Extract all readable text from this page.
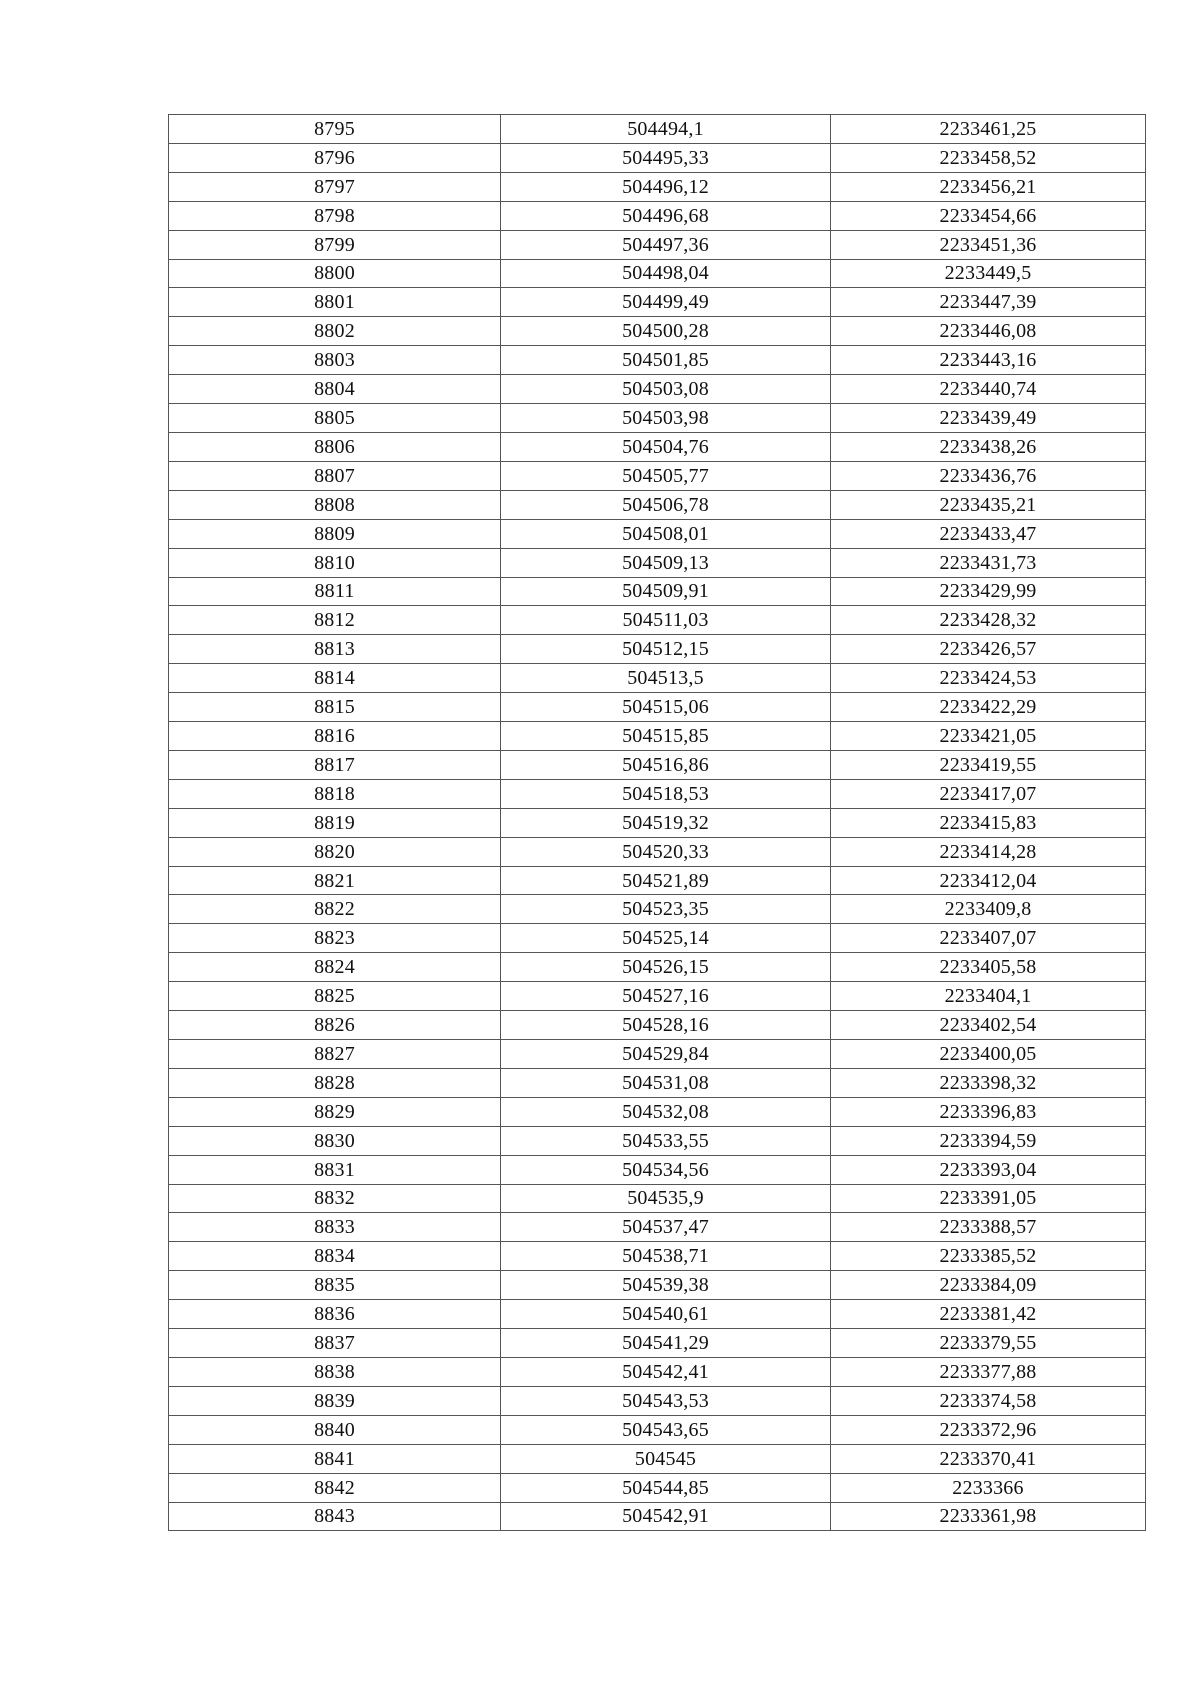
8795	504494,1	2233461,25
8796	504495,33	2233458,52
8797	504496,12	2233456,21
8798	504496,68	2233454,66
8799	504497,36	2233451,36
8800	504498,04	2233449,5
8801	504499,49	2233447,39
8802	504500,28	2233446,08
8803	504501,85	2233443,16
8804	504503,08	2233440,74
8805	504503,98	2233439,49
8806	504504,76	2233438,26
8807	504505,77	2233436,76
8808	504506,78	2233435,21
8809	504508,01	2233433,47
8810	504509,13	2233431,73
8811	504509,91	2233429,99
8812	504511,03	2233428,32
8813	504512,15	2233426,57
8814	504513,5	2233424,53
8815	504515,06	2233422,29
8816	504515,85	2233421,05
8817	504516,86	2233419,55
8818	504518,53	2233417,07
8819	504519,32	2233415,83
8820	504520,33	2233414,28
8821	504521,89	2233412,04
8822	504523,35	2233409,8
8823	504525,14	2233407,07
8824	504526,15	2233405,58
8825	504527,16	2233404,1
8826	504528,16	2233402,54
8827	504529,84	2233400,05
8828	504531,08	2233398,32
8829	504532,08	2233396,83
8830	504533,55	2233394,59
8831	504534,56	2233393,04
8832	504535,9	2233391,05
8833	504537,47	2233388,57
8834	504538,71	2233385,52
8835	504539,38	2233384,09
8836	504540,61	2233381,42
8837	504541,29	2233379,55
8838	504542,41	2233377,88
8839	504543,53	2233374,58
8840	504543,65	2233372,96
8841	504545	2233370,41
8842	504544,85	2233366
8843	504542,91	2233361,98
